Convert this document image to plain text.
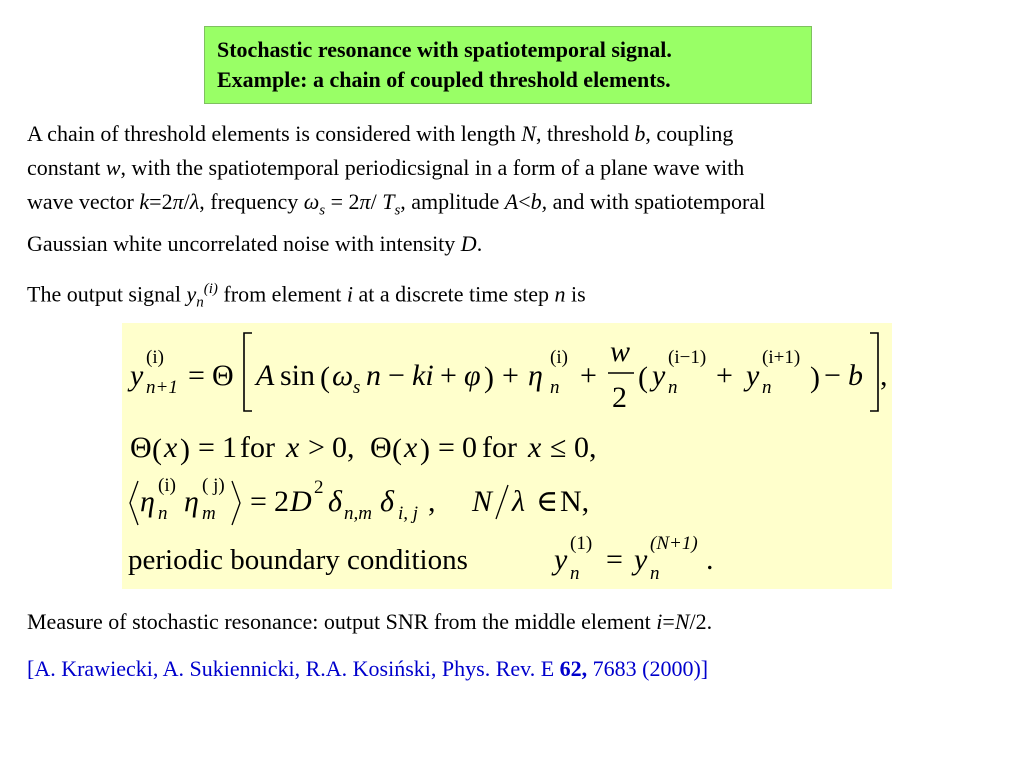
Stochastic resonance with spatiotemporal signal.
Example: a chain of coupled threshold elements.
A chain of threshold elements is considered with length N, threshold b, coupling
constant w, with the spatiotemporal periodicsignal in a form of a plane wave with
wave vector k=2π/λ, frequency $\omega_s = 2\pi/$ $T_s$, amplitude A<b, and with spatiotemporal
Gaussian white uncorrelated noise with intensity D.
The output signal $y_n^{(i)}$ from element i at a discrete time step n is
y
(i)
n+1 = Θ A sin ( ω s n − ki + φ ) + η
(i)
n +
w
2
( y
(i−1)
n + y
(i+1)
n ) − b ,
Θ ( x ) = 1 for x > 0, Θ ( x ) = 0 for x ≤ 0,
η (i)
n η ( j)
m = 2 D 2 δ n,m δ i, j , N λ ∈ N,
periodic boundary conditions	y (1)
n = y (N+1)
n .
Measure of stochastic resonance: output SNR from the middle element i=N/2.
[A. Krawiecki, A. Sukiennicki, R.A. Kosiński, Phys. Rev. E 62, 7683 (2000)]
